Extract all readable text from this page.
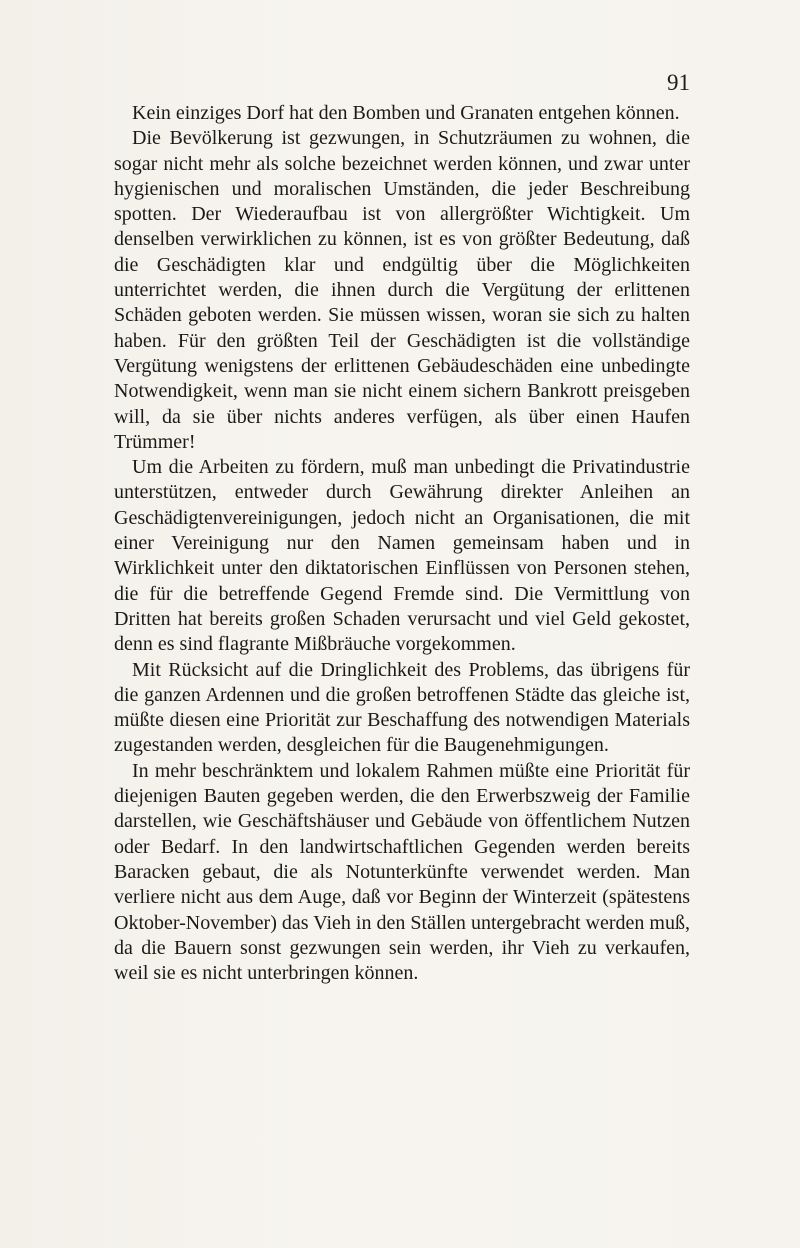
91

Kein einziges Dorf hat den Bomben und Granaten entgehen können.

Die Bevölkerung ist gezwungen, in Schutzräumen zu wohnen, die sogar nicht mehr als solche bezeichnet werden können, und zwar unter hygienischen und moralischen Umständen, die jeder Beschreibung spotten. Der Wiederaufbau ist von allergrößter Wichtigkeit. Um denselben verwirklichen zu können, ist es von größter Bedeutung, daß die Geschädigten klar und endgültig über die Möglichkeiten unterrichtet werden, die ihnen durch die Vergütung der erlittenen Schäden geboten werden. Sie müssen wissen, woran sie sich zu halten haben. Für den größten Teil der Geschädigten ist die vollständige Vergütung wenigstens der erlittenen Gebäudeschäden eine unbedingte Notwendigkeit, wenn man sie nicht einem sichern Bankrott preisgeben will, da sie über nichts anderes verfügen, als über einen Haufen Trümmer!

Um die Arbeiten zu fördern, muß man unbedingt die Privatindustrie unterstützen, entweder durch Gewährung direkter Anleihen an Geschädigtenvereinigungen, jedoch nicht an Organisationen, die mit einer Vereinigung nur den Namen gemeinsam haben und in Wirklichkeit unter den diktatorischen Einflüssen von Personen stehen, die für die betreffende Gegend Fremde sind. Die Vermittlung von Dritten hat bereits großen Schaden verursacht und viel Geld gekostet, denn es sind flagrante Mißbräuche vorgekommen.

Mit Rücksicht auf die Dringlichkeit des Problems, das übrigens für die ganzen Ardennen und die großen betroffenen Städte das gleiche ist, müßte diesen eine Priorität zur Beschaffung des notwendigen Materials zugestanden werden, desgleichen für die Baugenehmigungen.

In mehr beschränktem und lokalem Rahmen müßte eine Priorität für diejenigen Bauten gegeben werden, die den Erwerbszweig der Familie darstellen, wie Geschäftshäuser und Gebäude von öffentlichem Nutzen oder Bedarf. In den landwirtschaftlichen Gegenden werden bereits Baracken gebaut, die als Notunterkünfte verwendet werden. Man verliere nicht aus dem Auge, daß vor Beginn der Winterzeit (spätestens Oktober-November) das Vieh in den Ställen untergebracht werden muß, da die Bauern sonst gezwungen sein werden, ihr Vieh zu verkaufen, weil sie es nicht unterbringen können.
